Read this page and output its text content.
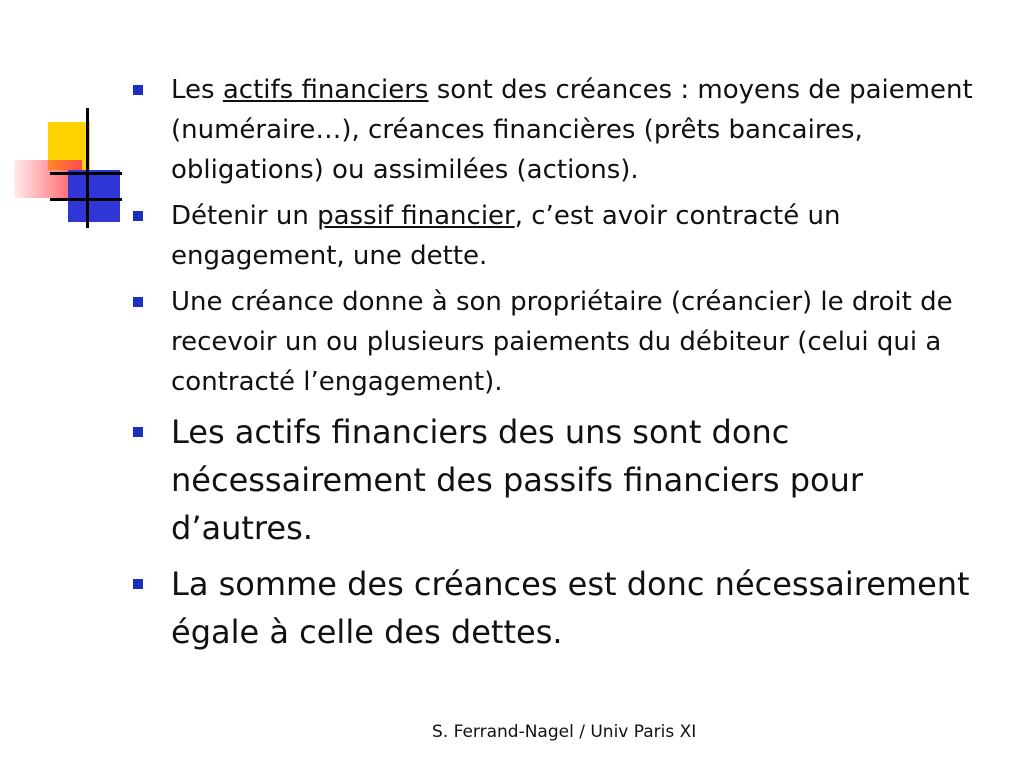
Les actifs financiers sont des créances : moyens de paiement (numéraire…), créances financières (prêts bancaires, obligations) ou assimilées (actions).
Détenir un passif financier, c’est avoir contracté un engagement, une dette.
Une créance donne à son propriétaire (créancier) le droit de recevoir un ou plusieurs paiements du débiteur (celui qui a contracté l’engagement).
Les actifs financiers des uns sont donc nécessairement des passifs financiers pour d’autres.
La somme des créances est donc nécessairement égale à celle des dettes.
S. Ferrand-Nagel / Univ Paris XI
